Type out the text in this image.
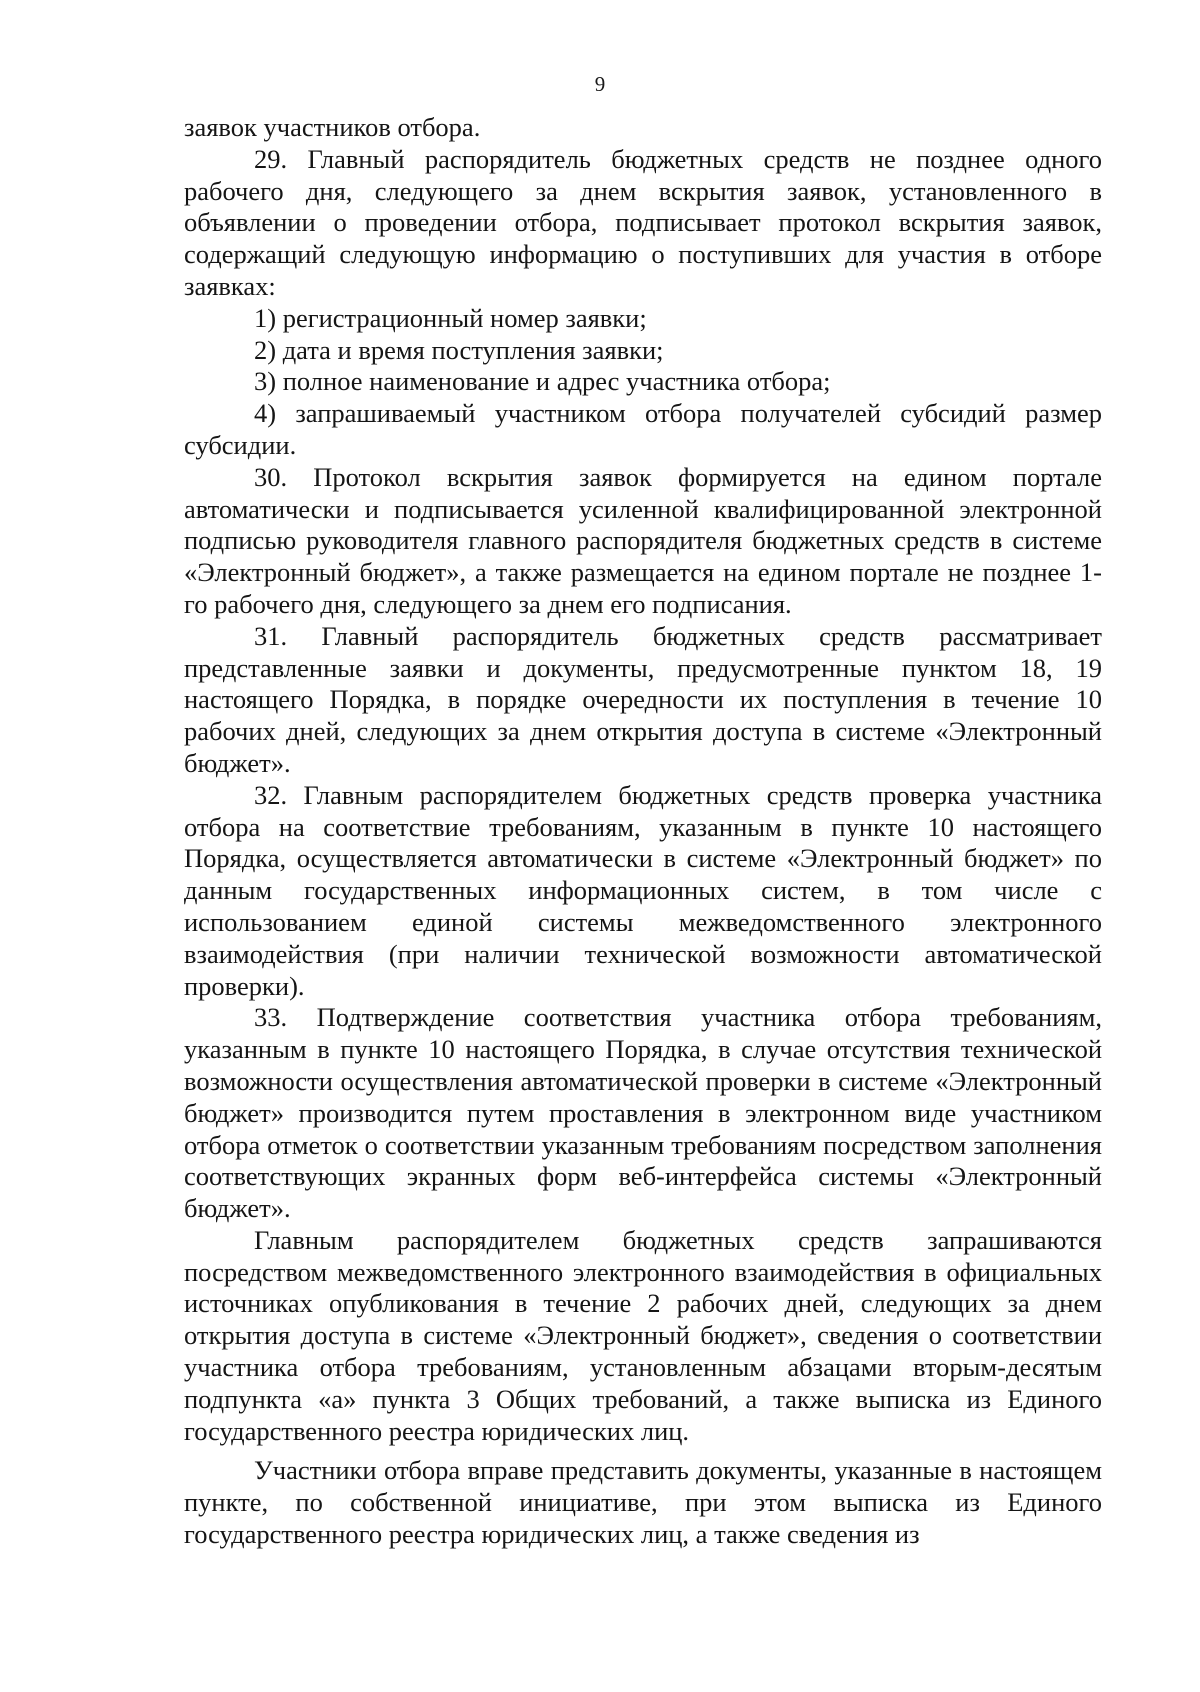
9

заявок участников отбора.

29. Главный распорядитель бюджетных средств не позднее одного рабочего дня, следующего за днем вскрытия заявок, установленного в объявлении о проведении отбора, подписывает протокол вскрытия заявок, содержащий следующую информацию о поступивших для участия в отборе заявках:

1) регистрационный номер заявки;

2) дата и время поступления заявки;

3) полное наименование и адрес участника отбора;

4) запрашиваемый участником отбора получателей субсидий размер субсидии.

30. Протокол вскрытия заявок формируется на едином портале автоматически и подписывается усиленной квалифицированной электронной подписью руководителя главного распорядителя бюджетных средств в системе «Электронный бюджет», а также размещается на едином портале не позднее 1-го рабочего дня, следующего за днем его подписания.

31. Главный распорядитель бюджетных средств рассматривает представленные заявки и документы, предусмотренные пунктом 18, 19 настоящего Порядка, в порядке очередности их поступления в течение 10 рабочих дней, следующих за днем открытия доступа в системе «Электронный бюджет».

32. Главным распорядителем бюджетных средств проверка участника отбора на соответствие требованиям, указанным в пункте 10 настоящего Порядка, осуществляется автоматически в системе «Электронный бюджет» по данным государственных информационных систем, в том числе с использованием единой системы межведомственного электронного взаимодействия (при наличии технической возможности автоматической проверки).

33. Подтверждение соответствия участника отбора требованиям, указанным в пункте 10 настоящего Порядка, в случае отсутствия технической возможности осуществления автоматической проверки в системе «Электронный бюджет» производится путем проставления в электронном виде участником отбора отметок о соответствии указанным требованиям посредством заполнения соответствующих экранных форм веб-интерфейса системы «Электронный бюджет».

Главным распорядителем бюджетных средств запрашиваются посредством межведомственного электронного взаимодействия в официальных источниках опубликования в течение 2 рабочих дней, следующих за днем открытия доступа в системе «Электронный бюджет», сведения о соответствии участника отбора требованиям, установленным абзацами вторым-десятым подпункта «а» пункта 3 Общих требований, а также выписка из Единого государственного реестра юридических лиц.

Участники отбора вправе представить документы, указанные в настоящем пункте, по собственной инициативе, при этом выписка из Единого государственного реестра юридических лиц, а также сведения из
